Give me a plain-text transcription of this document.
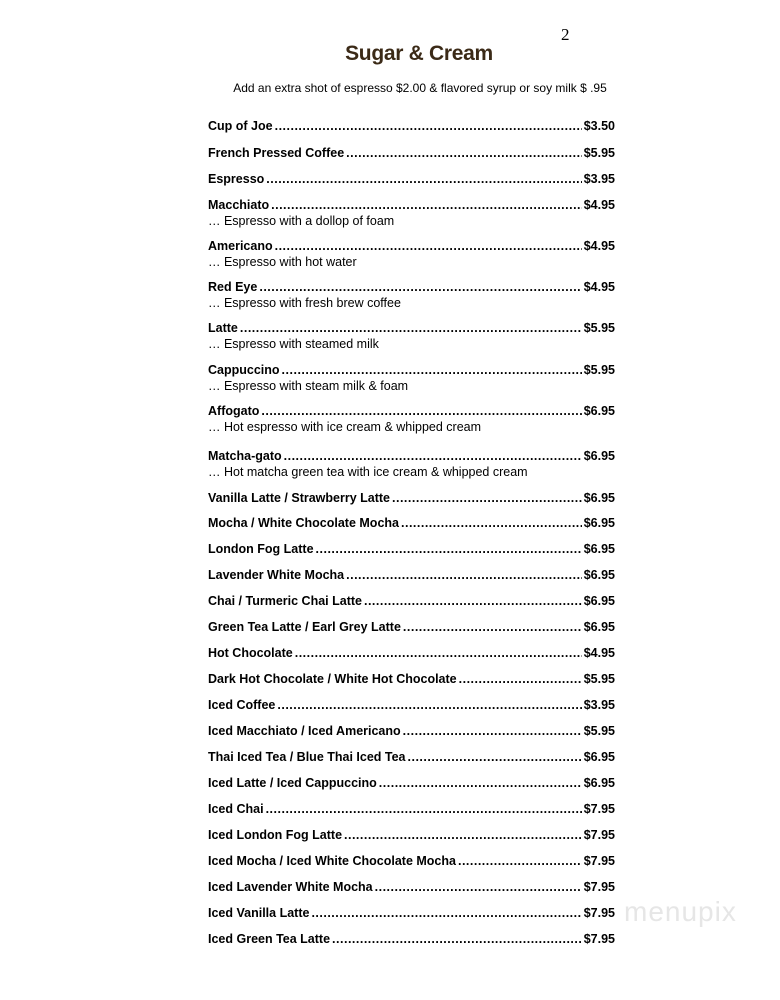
2
Sugar & Cream
Add an extra shot of espresso $2.00 & flavored syrup or soy milk $ .95
Cup of Joe .....	$3.50
French Pressed Coffee .....	$5.95
Espresso .....	$3.95
Macchiato .....	$4.95
… Espresso with a dollop of foam
Americano .....	$4.95
… Espresso with hot water
Red Eye .....	$4.95
… Espresso with fresh brew coffee
Latte .....	$5.95
… Espresso with steamed milk
Cappuccino .....	$5.95
… Espresso with steam milk & foam
Affogato .....	$6.95
… Hot espresso with ice cream & whipped cream
Matcha-gato .....	$6.95
… Hot matcha green tea with ice cream & whipped cream
Vanilla Latte / Strawberry Latte .....	$6.95
Mocha / White Chocolate Mocha .....	$6.95
London Fog Latte .....	$6.95
Lavender White Mocha .....	$6.95
Chai / Turmeric Chai Latte .....	$6.95
Green Tea Latte / Earl Grey Latte .....	$6.95
Hot Chocolate .....	$4.95
Dark Hot Chocolate / White Hot Chocolate .....	$5.95
Iced Coffee .....	$3.95
Iced Macchiato / Iced Americano .....	$5.95
Thai Iced Tea / Blue Thai Iced Tea .....	$6.95
Iced Latte / Iced Cappuccino .....	$6.95
Iced Chai .....	$7.95
Iced London Fog Latte .....	$7.95
Iced Mocha / Iced White Chocolate Mocha .....	$7.95
Iced Lavender White Mocha .....	$7.95
Iced Vanilla Latte .....	$7.95
Iced Green Tea Latte .....	$7.95
menupix
